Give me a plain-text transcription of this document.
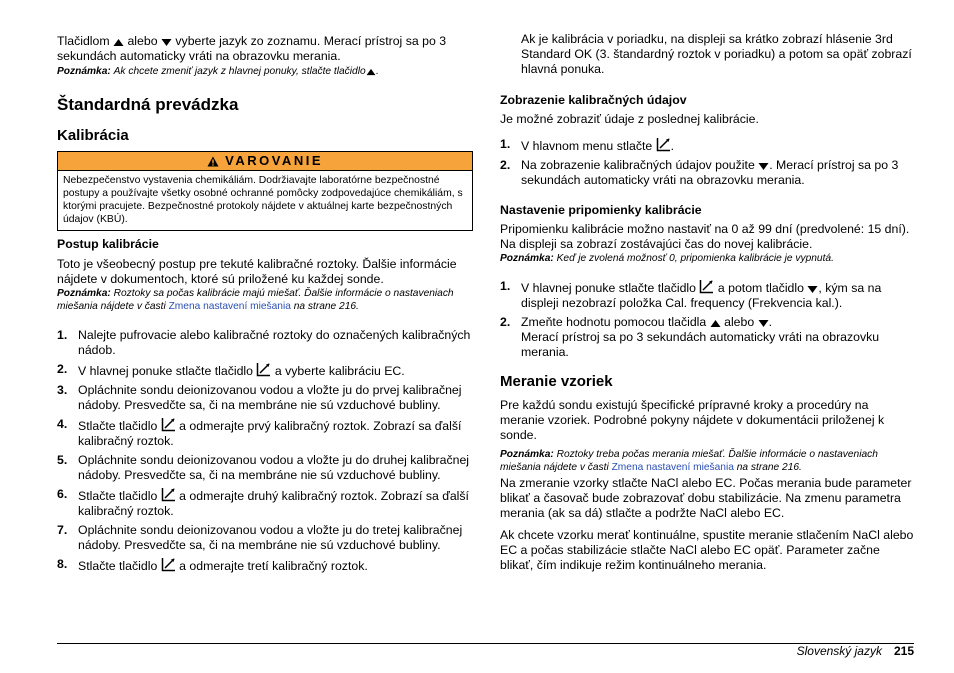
Tlačidlom alebo vyberte jazyk zo zoznamu. Merací prístroj sa po 3 sekundách automaticky vráti na obrazovku merania.

Poznámka: Ak chcete zmeniť jazyk z hlavnej ponuky, stlačte tlačidlo .

Štandardná prevádzka
Kalibrácia
VAROVANIE
Nebezpečenstvo vystavenia chemikáliám. Dodržiavajte laboratórne bezpečnostné postupy a používajte všetky osobné ochranné pomôcky zodpovedajúce chemikáliám, s ktorými pracujete. Bezpečnostné protokoly nájdete v aktuálnej karte bezpečnostných údajov (KBÚ).
Postup kalibrácie

Toto je všeobecný postup pre tekuté kalibračné roztoky. Ďalšie informácie nájdete v dokumentoch, ktoré sú priložené ku každej sonde.

Poznámka: Roztoky sa počas kalibrácie majú miešať. Ďalšie informácie o nastaveniach miešania nájdete v časti Zmena nastavení miešania na strane 216.

1. Nalejte pufrovacie alebo kalibračné roztoky do označených kalibračných nádob.
2. V hlavnej ponuke stlačte tlačidlo a vyberte kalibráciu EC.
3. Opláchnite sondu deionizovanou vodou a vložte ju do prvej kalibračnej nádoby. Presvedčte sa, či na membráne nie sú vzduchové bubliny.
4. Stlačte tlačidlo a odmerajte prvý kalibračný roztok. Zobrazí sa ďalší kalibračný roztok.
5. Opláchnite sondu deionizovanou vodou a vložte ju do druhej kalibračnej nádoby. Presvedčte sa, či na membráne nie sú vzduchové bubliny.
6. Stlačte tlačidlo a odmerajte druhý kalibračný roztok. Zobrazí sa ďalší kalibračný roztok.
7. Opláchnite sondu deionizovanou vodou a vložte ju do tretej kalibračnej nádoby. Presvedčte sa, či na membráne nie sú vzduchové bubliny.
8. Stlačte tlačidlo a odmerajte tretí kalibračný roztok.

Ak je kalibrácia v poriadku, na displeji sa krátko zobrazí hlásenie 3rd Standard OK (3. štandardný roztok v poriadku) a potom sa opäť zobrazí hlavná ponuka.

Zobrazenie kalibračných údajov

Je možné zobraziť údaje z poslednej kalibrácie.

1. V hlavnom menu stlačte .
2. Na zobrazenie kalibračných údajov použite . Merací prístroj sa po 3 sekundách automaticky vráti na obrazovku merania.
Nastavenie pripomienky kalibrácie

Pripomienku kalibrácie možno nastaviť na 0 až 99 dní (predvolené: 15 dní). Na displeji sa zobrazí zostávajúci čas do novej kalibrácie.

Poznámka: Keď je zvolená možnosť 0, pripomienka kalibrácie je vypnutá.

1. V hlavnej ponuke stlačte tlačidlo a potom tlačidlo , kým sa na displeji nezobrazí položka Cal. frequency (Frekvencia kal.).
2. Zmeňte hodnotu pomocou tlačidla alebo .
Merací prístroj sa po 3 sekundách automaticky vráti na obrazovku merania.
Meranie vzoriek

Pre každú sondu existujú špecifické prípravné kroky a procedúry na meranie vzoriek. Podrobné pokyny nájdete v dokumentácii priloženej k sonde.

Poznámka: Roztoky treba počas merania miešať. Ďalšie informácie o nastaveniach miešania nájdete v časti Zmena nastavení miešania na strane 216.

Na zmeranie vzorky stlačte NaCl alebo EC. Počas merania bude parameter blikať a časovač bude zobrazovať dobu stabilizácie. Na zmenu parametra merania (ak sa dá) stlačte a podržte NaCl alebo EC.

Ak chcete vzorku merať kontinuálne, spustite meranie stlačením NaCl alebo EC a počas stabilizácie stlačte NaCl alebo EC opäť. Parameter začne blikať, čím indikuje režim kontinuálneho merania.

Slovenský jazyk 215
